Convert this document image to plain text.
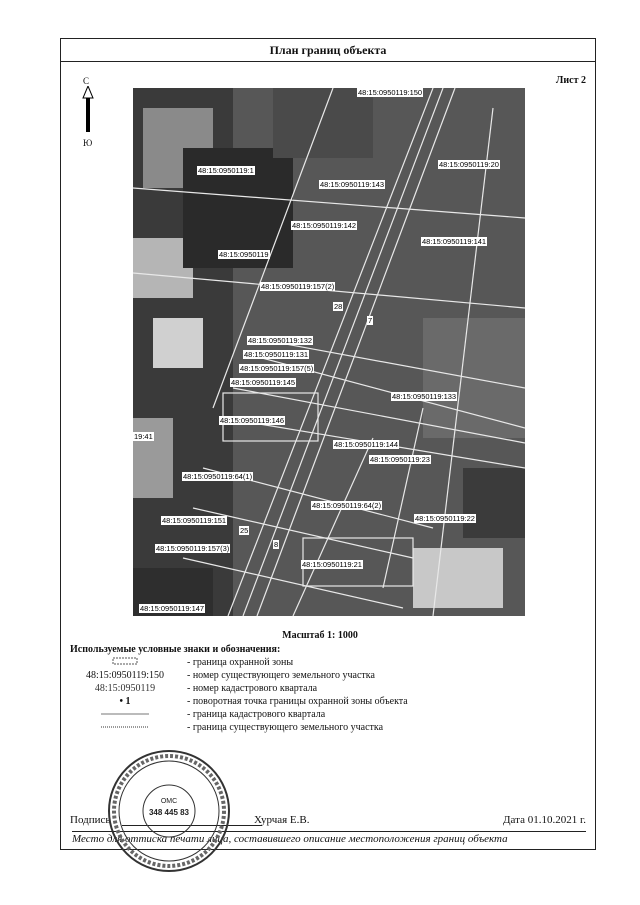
План границ объекта
Лист 2
С
Ю
48:15:0950119:150
48:15:0950119:1
48:15:0950119:20
48:15:0950119:143
48:15:0950119:142
48:15:0950119:141
48:15:0950119
48:15:0950119:157(2)
28
7
48:15:0950119:132
48:15:0950119:131
48:15:0950119:157(5)
48:15:0950119:145
48:15:0950119:133
48:15:0950119:146
19:41
48:15:0950119:144
48:15:0950119:23
48:15:0950119:64(1)
48:15:0950119:64(2)
48:15:0950119:151	48:15:0950119:22
25
48:15:0950119:157(3)	8
48:15:0950119:21
48:15:0950119:147
Масштаб 1: 1000
Используемые условные знаки и обозначения:
- граница охранной зоны
48:15:0950119:150	- номер существующего земельного участка
48:15:0950119	- номер кадастрового квартала
• 1	- поворотная точка границы охранной зоны объекта
- граница кадастрового квартала
- граница существующего земельного участка
Подпись	Хурчая Е.В.	Дата 01.10.2021 г.
Место для оттиска печати лица, составившего описание местоположения границ объекта
ОМС
348 445 83
